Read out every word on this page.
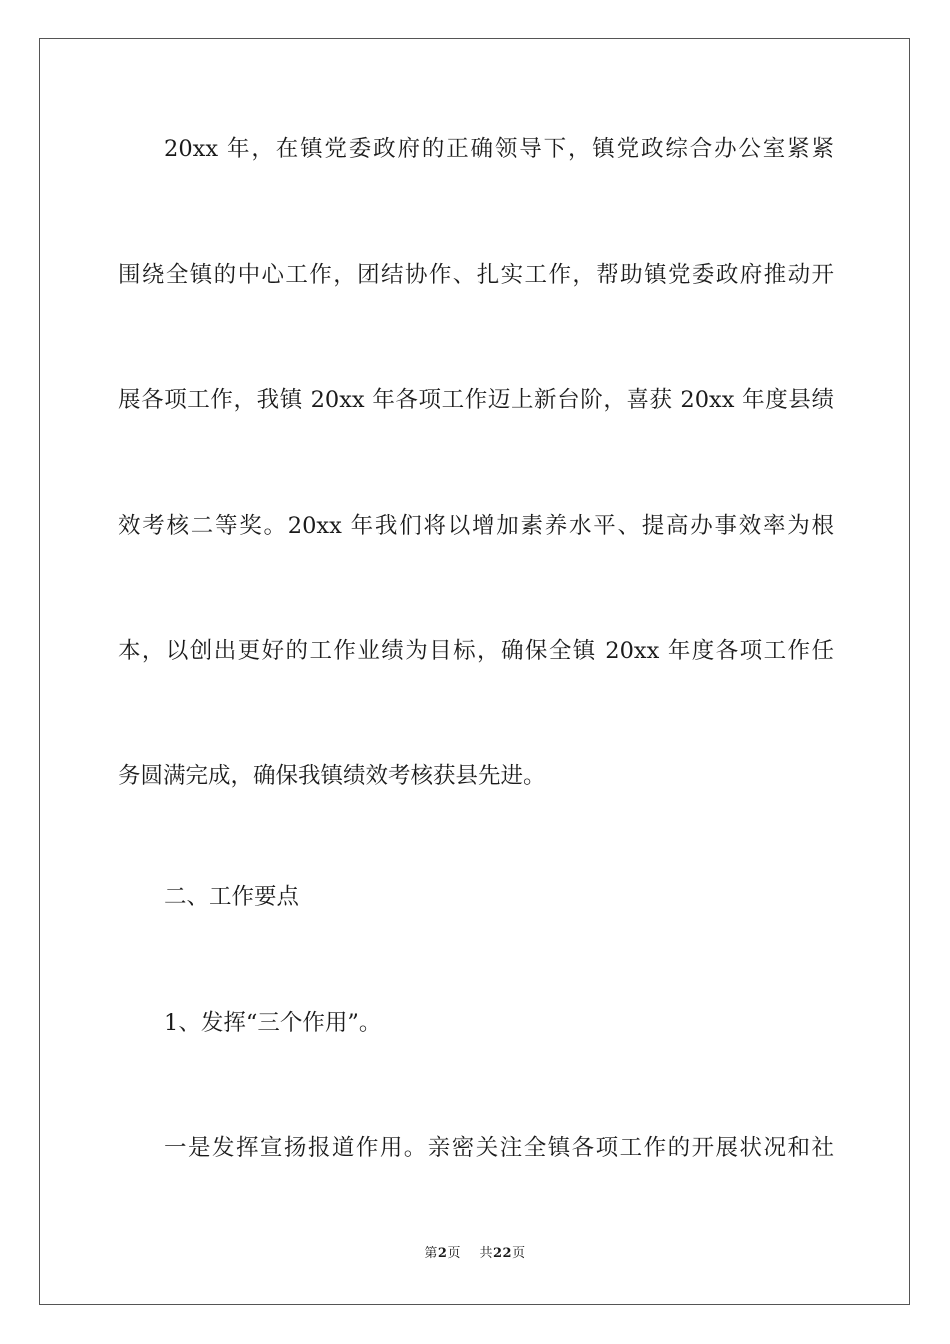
20xx 年，在镇党委政府的正确领导下，镇党政综合办公室紧紧
围绕全镇的中心工作，团结协作、扎实工作，帮助镇党委政府推动开
展各项工作，我镇 20xx 年各项工作迈上新台阶，喜获 20xx 年度县绩
效考核二等奖。20xx 年我们将以增加素养水平、提高办事效率为根
本，以创出更好的工作业绩为目标，确保全镇 20xx 年度各项工作任
务圆满完成，确保我镇绩效考核获县先进。
二、工作要点
1、发挥“三个作用”。
一是发挥宣扬报道作用。亲密关注全镇各项工作的开展状况和社
第2页 共22页
